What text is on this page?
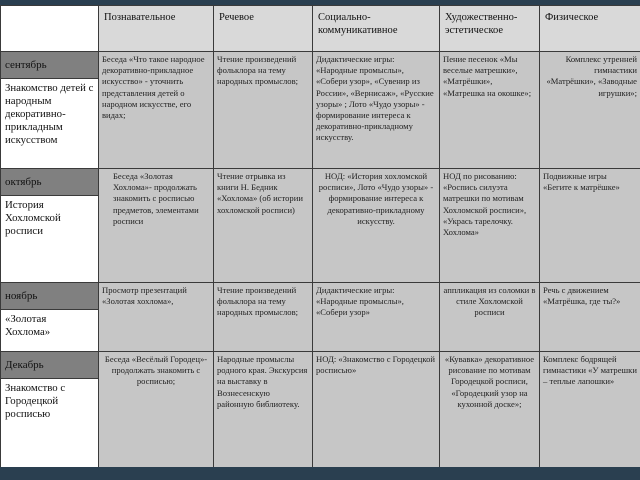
	Познавательное	Речевое	Социально-коммуникативное	Художественно-эстетическое	Физическое
сентябрь	Беседа «Что такое народное декоративно-прикладное искусство» - уточнить представления детей о народном искусстве, его видах;	Чтение произведений фольклора на тему народных промыслов;	Дидактические игры: «Народные промыслы», «Собери узор», «Сувенир из России», «Вернисаж», «Русские узоры» ; Лото «Чудо узоры» - формирование интереса к декоративно-прикладному искусству.	Пение песенок «Мы веселые матрешки», «Матрёшки», «Матрешка на окошке»;	Комплекс утренней гимнастики «Матрёшки», «Заводные игрушки»;
Знакомство детей с народным декоративно-прикладным искусством					
октябрь	Беседа «Золотая Хохлома»- продолжать знакомить с росписью предметов, элементами росписи	Чтение отрывка из книги Н. Бедник «Хохлома» (об истории хохломской росписи)	НОД: «История хохломской росписи», Лото «Чудо узоры» - формирование интереса к декоративно-прикладному искусству.	НОД по рисованию: «Роспись силуэта матрешки по мотивам Хохломской росписи», «Укрась тарелочку. Хохлома»	Подвижные игры «Бегите к матрёшке»
История Хохломской росписи					
ноябрь	Просмотр презентаций «Золотая хохлома»,	Чтение произведений фольклора на тему народных промыслов;	Дидактические игры: «Народные промыслы», «Собери узор»	аппликация из соломки в стиле Хохломской росписи	Речь с движением «Матрёшка, где ты?»
«Золотая Хохлома»					
Декабрь	Беседа «Весёлый Городец»- продолжать знакомить с росписью;	Народные промыслы родного края. Экскурсия на выставку в Вознесенскую районную библиотеку.	НОД: «Знакомство с Городецкой росписью»	«Кувавка» декоративное рисование по мотивам Городецкой росписи, «Городецкий узор на кухонной доске»;	Комплекс бодрящей гимнастики «У матрешки – теплые лапошки»
Знакомство с Городецкой росписью					
